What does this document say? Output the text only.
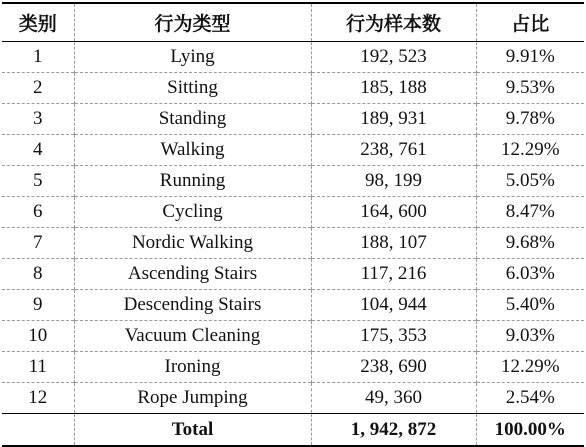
类别	行为类型	行为样本数	占比
1	Lying	192, 523	9.91%
2	Sitting	185, 188	9.53%
3	Standing	189, 931	9.78%
4	Walking	238, 761	12.29%
5	Running	98, 199	5.05%
6	Cycling	164, 600	8.47%
7	Nordic Walking	188, 107	9.68%
8	Ascending Stairs	117, 216	6.03%
9	Descending Stairs	104, 944	5.40%
10	Vacuum Cleaning	175, 353	9.03%
11	Ironing	238, 690	12.29%
12	Rope Jumping	49, 360	2.54%
	Total	1, 942, 872	100.00%
